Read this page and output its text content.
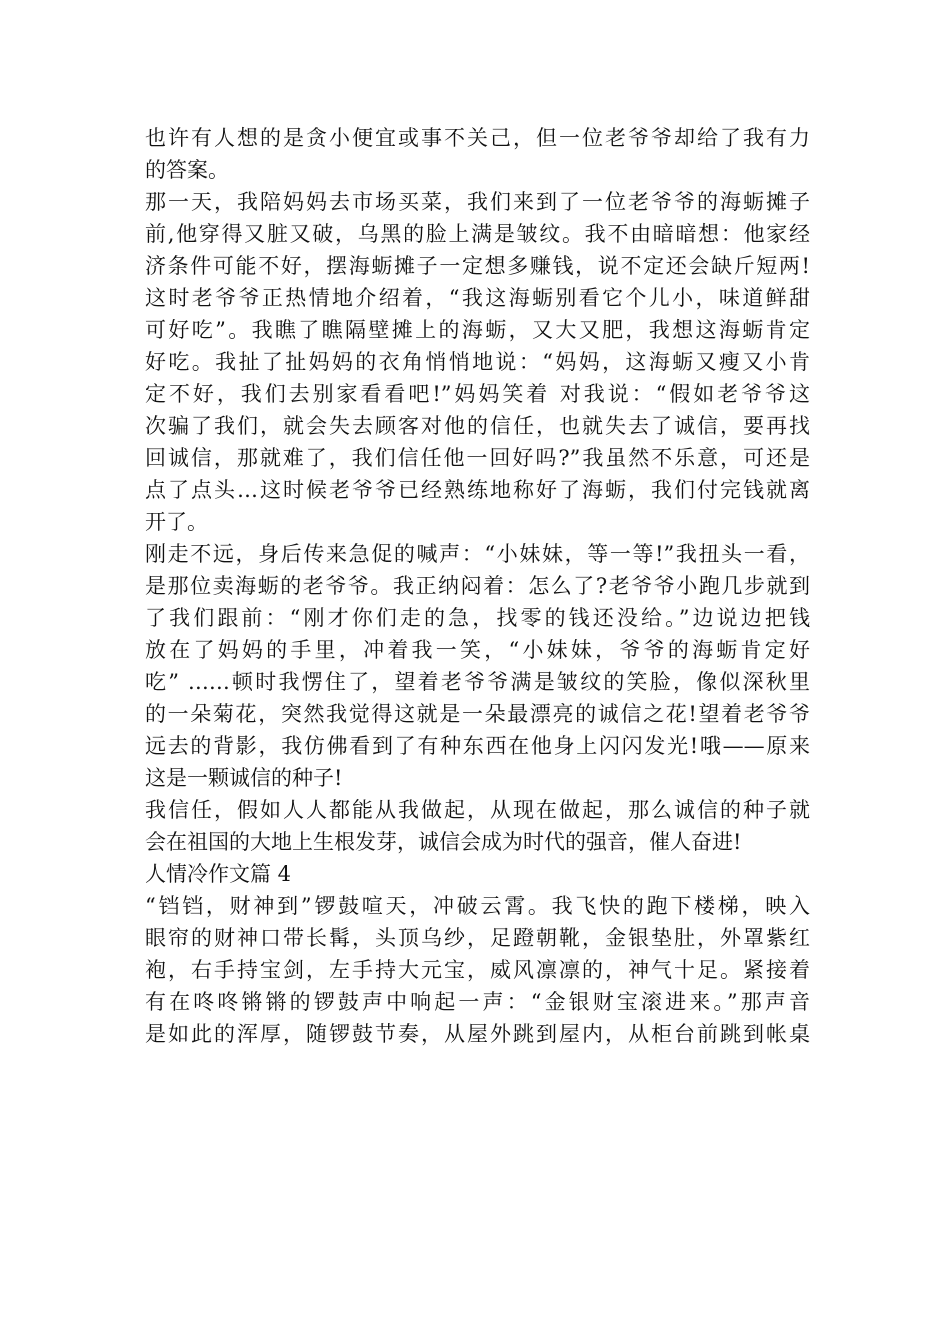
也许有人想的是贪小便宜或事不关己，但一位老爷爷却给了我有力
的答案。
那一天，我陪妈妈去市场买菜，我们来到了一位老爷爷的海蛎摊子
前,他穿得又脏又破，乌黑的脸上满是皱纹。我不由暗暗想：他家经
济条件可能不好，摆海蛎摊子一定想多赚钱，说不定还会缺斤短两!
这时老爷爷正热情地介绍着，“我这海蛎别看它个儿小，味道鲜甜
可好吃”。我瞧了瞧隔壁摊上的海蛎，又大又肥，我想这海蛎肯定
好吃。我扯了扯妈妈的衣角悄悄地说：“妈妈，这海蛎又瘦又小肯
定不好，我们去别家看看吧!”妈妈笑着 对我说：“假如老爷爷这
次骗了我们，就会失去顾客对他的信任，也就失去了诚信，要再找
回诚信，那就难了，我们信任他一回好吗?”我虽然不乐意，可还是
点了点头…这时候老爷爷已经熟练地称好了海蛎，我们付完钱就离
开了。
刚走不远，身后传来急促的喊声：“小妹妹，等一等!”我扭头一看，
是那位卖海蛎的老爷爷。我正纳闷着：怎么了?老爷爷小跑几步就到
了我们跟前：“刚才你们走的急，找零的钱还没给。”边说边把钱
放在了妈妈的手里，冲着我一笑，“小妹妹，爷爷的海蛎肯定好
吃” ……顿时我愣住了，望着老爷爷满是皱纹的笑脸，像似深秋里
的一朵菊花，突然我觉得这就是一朵最漂亮的诚信之花!望着老爷爷
远去的背影，我仿佛看到了有种东西在他身上闪闪发光!哦——原来
这是一颗诚信的种子!
我信任，假如人人都能从我做起，从现在做起，那么诚信的种子就
会在祖国的大地上生根发芽，诚信会成为时代的强音，催人奋进!
人情冷作文篇 4
“铛铛，财神到”锣鼓喧天，冲破云霄。我飞快的跑下楼梯，映入
眼帘的财神口带长髯，头顶乌纱，足蹬朝靴，金银垫肚，外罩紫红
袍，右手持宝剑，左手持大元宝，威风凛凛的，神气十足。紧接着
有在咚咚锵锵的锣鼓声中响起一声：“金银财宝滚进来。”那声音
是如此的浑厚，随锣鼓节奏，从屋外跳到屋内，从柜台前跳到帐桌
